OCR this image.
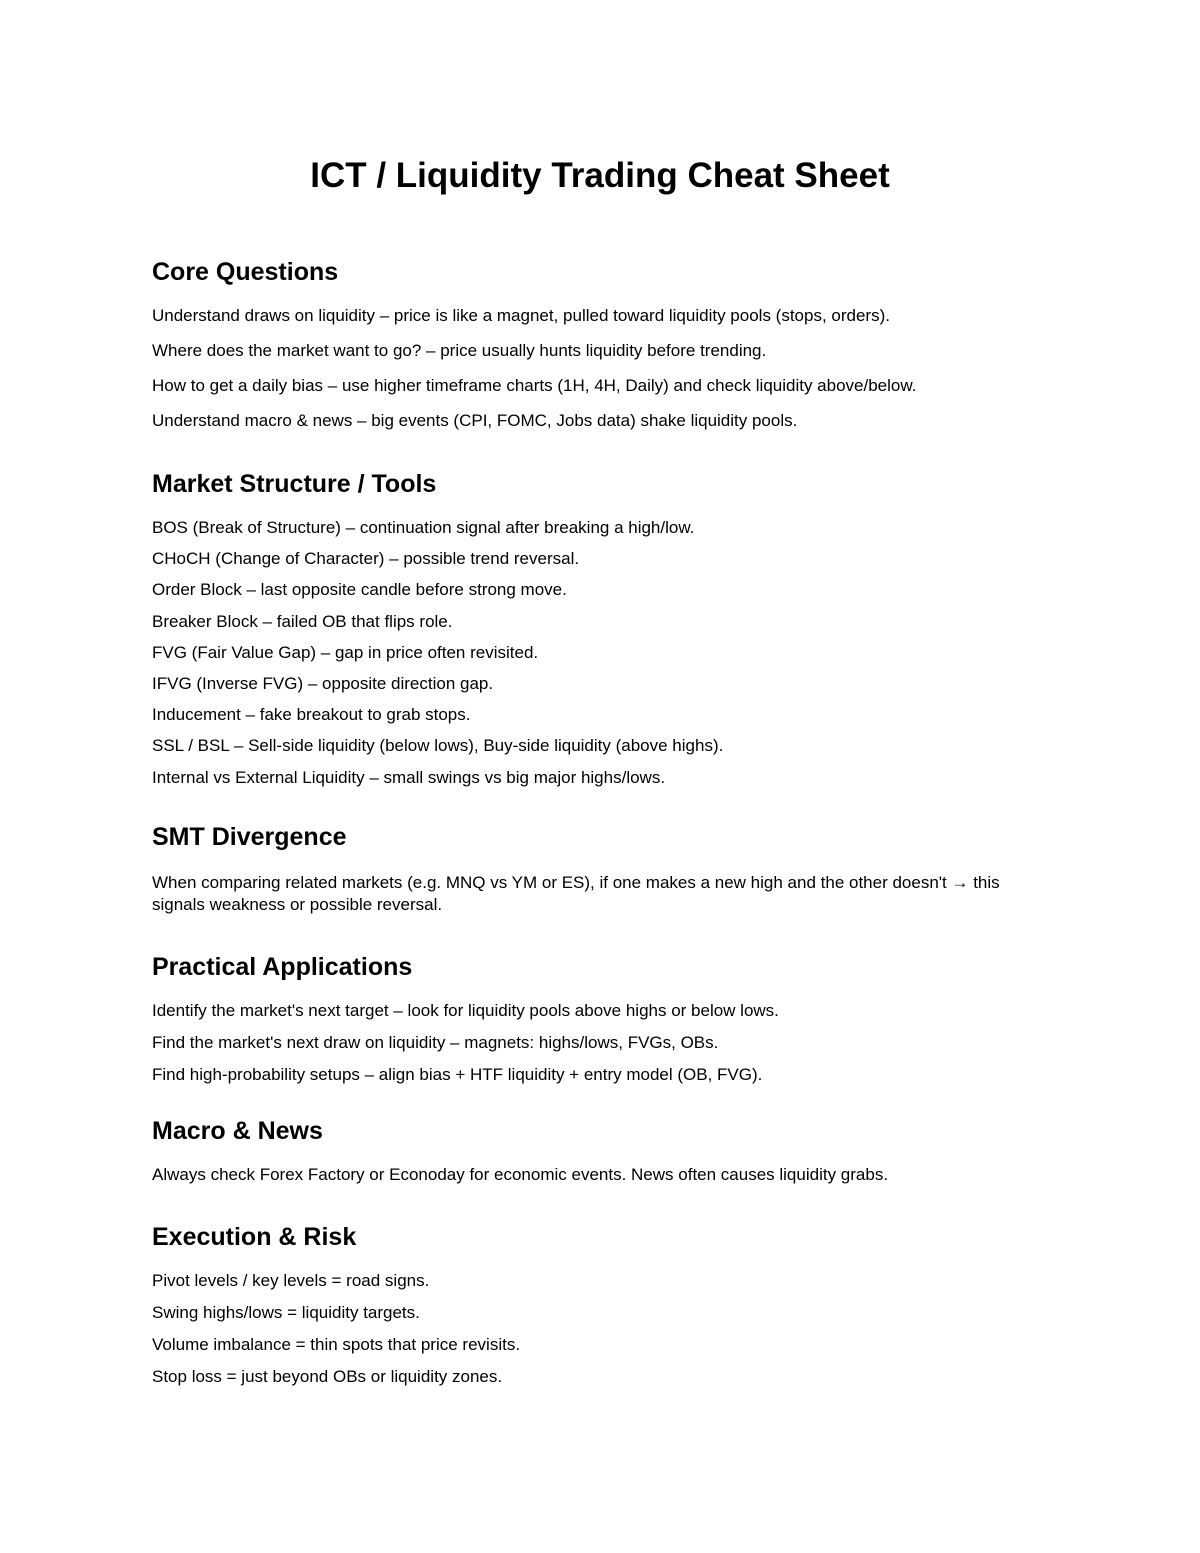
ICT / Liquidity Trading Cheat Sheet
Core Questions
Understand draws on liquidity – price is like a magnet, pulled toward liquidity pools (stops, orders).
Where does the market want to go? – price usually hunts liquidity before trending.
How to get a daily bias – use higher timeframe charts (1H, 4H, Daily) and check liquidity above/below.
Understand macro & news – big events (CPI, FOMC, Jobs data) shake liquidity pools.
Market Structure / Tools
BOS (Break of Structure) – continuation signal after breaking a high/low.
CHoCH (Change of Character) – possible trend reversal.
Order Block – last opposite candle before strong move.
Breaker Block – failed OB that flips role.
FVG (Fair Value Gap) – gap in price often revisited.
IFVG (Inverse FVG) – opposite direction gap.
Inducement – fake breakout to grab stops.
SSL / BSL – Sell-side liquidity (below lows), Buy-side liquidity (above highs).
Internal vs External Liquidity – small swings vs big major highs/lows.
SMT Divergence
When comparing related markets (e.g. MNQ vs YM or ES), if one makes a new high and the other doesn't → this signals weakness or possible reversal.
Practical Applications
Identify the market's next target – look for liquidity pools above highs or below lows.
Find the market's next draw on liquidity – magnets: highs/lows, FVGs, OBs.
Find high-probability setups – align bias + HTF liquidity + entry model (OB, FVG).
Macro & News
Always check Forex Factory or Econoday for economic events. News often causes liquidity grabs.
Execution & Risk
Pivot levels / key levels = road signs.
Swing highs/lows = liquidity targets.
Volume imbalance = thin spots that price revisits.
Stop loss = just beyond OBs or liquidity zones.
